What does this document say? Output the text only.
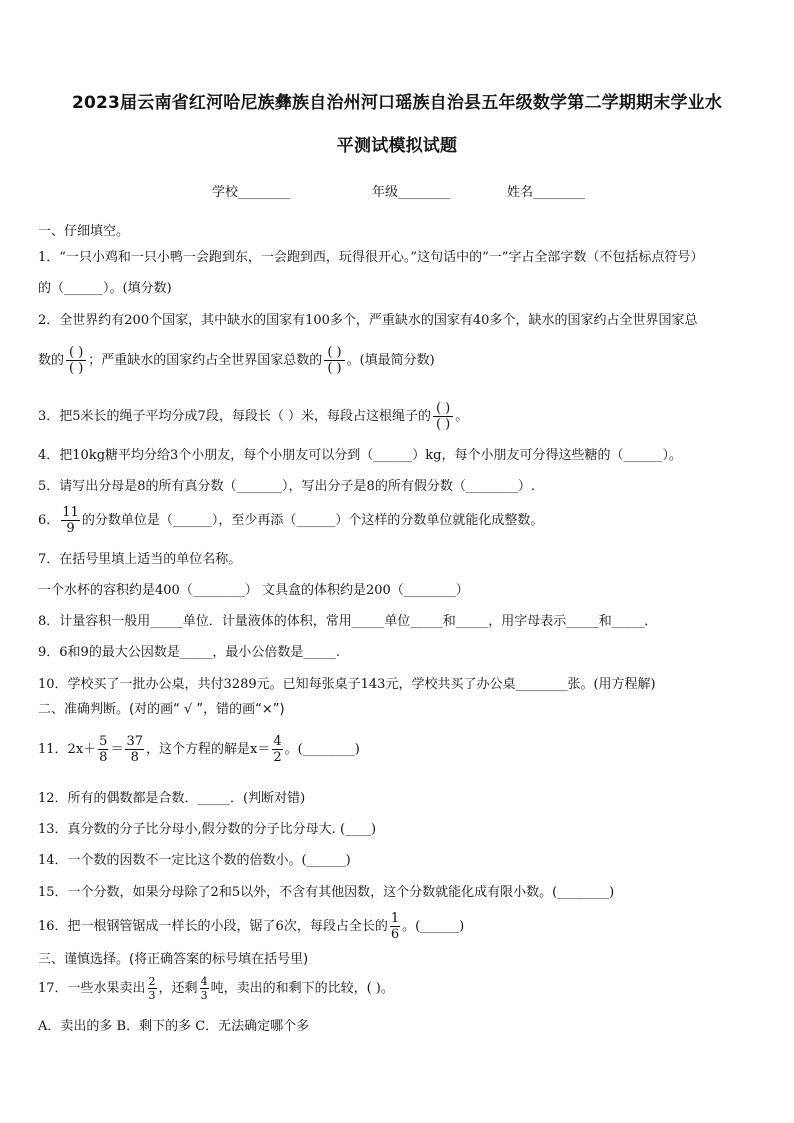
2023届云南省红河哈尼族彝族自治州河口瑶族自治县五年级数学第二学期期末学业水
平测试模拟试题
学校________	年级________	姓名________
一、仔细填空。
1．“一只小鸡和一只小鸭一会跑到东，一会跑到西，玩得很开心。”这句话中的“一”字占全部字数（不包括标点符号）
的（______）。(填分数)
2．全世界约有200个国家，其中缺水的国家有100多个，严重缺水的国家有40多个，缺水的国家约占全世界国家总
数的 $\frac{( )}{( )}$ ；严重缺水的国家约占全世界国家总数的 $\frac{( )}{( )}$ 。(填最简分数)
3．把5米长的绳子平均分成7段，每段长（ ）米，每段占这根绳子的 $\frac{( )}{( )}$ 。
4．把10kg糖平均分给3个小朋友，每个小朋友可以分到（______）kg，每个小朋友可分得这些糖的（______）。
5．请写出分母是8的所有真分数（_______），写出分子是8的所有假分数（________）.
6． $\frac{11}{9}$ 的分数单位是（______），至少再添（______）个这样的分数单位就能化成整数。
7．在括号里填上适当的单位名称。
一个水杯的容积约是400（________） 文具盒的体积约是200（________）
8．计量容积一般用_____单位．计量液体的体积，常用_____单位_____和_____，用字母表示_____和_____．
9．6和9的最大公因数是_____，最小公倍数是_____.
10．学校买了一批办公桌，共付3289元。已知每张桌子143元，学校共买了办公桌________张。(用方程解)
二、准确判断。(对的画“ √ ”，错的画“×”)
11．$2x+ \frac{5}{8} = \frac{37}{8}$ ，这个方程的解是$x= \frac{4}{2}$ 。(________)
12．所有的偶数都是合数．_____．(判断对错)
13．真分数的分子比分母小,假分数的分子比分母大. (____)
14．一个数的因数不一定比这个数的倍数小。(______)
15．一个分数，如果分母除了2和5以外，不含有其他因数，这个分数就能化成有限小数。(________)
16．把一根钢管锯成一样长的小段，锯了6次，每段占全长的 $\frac{1}{6}$ 。(______)
三、谨慎选择。(将正确答案的标号填在括号里)
17．一些水果卖出 $\frac{2}{3}$ ，还剩 $\frac{4}{3}$ 吨，卖出的和剩下的比较，( )。
A．卖出的多 B．剩下的多 C．无法确定哪个多
